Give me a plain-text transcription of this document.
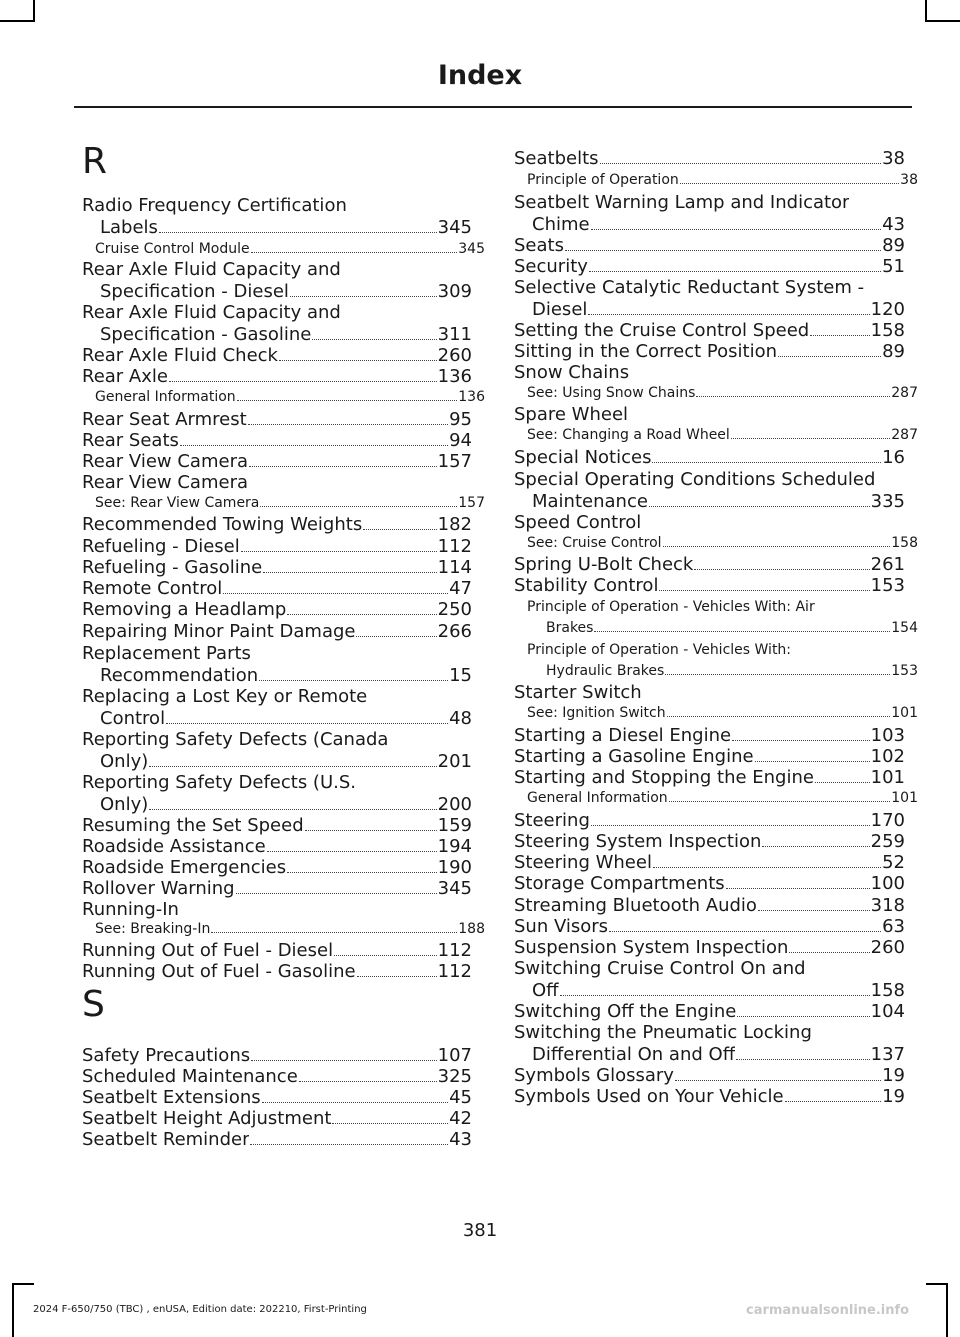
Index
R
Radio Frequency Certification
Labels	345
Cruise Control Module	345
Rear Axle Fluid Capacity and
Specification - Diesel	309
Rear Axle Fluid Capacity and
Specification - Gasoline	311
Rear Axle Fluid Check	260
Rear Axle	136
General Information	136
Rear Seat Armrest	95
Rear Seats	94
Rear View Camera	157
Rear View Camera
See: Rear View Camera	157
Recommended Towing Weights	182
Refueling - Diesel	112
Refueling - Gasoline	114
Remote Control	47
Removing a Headlamp	250
Repairing Minor Paint Damage	266
Replacement Parts
Recommendation	15
Replacing a Lost Key or Remote
Control	48
Reporting Safety Defects (Canada
Only)	201
Reporting Safety Defects (U.S.
Only)	200
Resuming the Set Speed	159
Roadside Assistance	194
Roadside Emergencies	190
Rollover Warning	345
Running-In
See: Breaking-In	188
Running Out of Fuel - Diesel	112
Running Out of Fuel - Gasoline	112
S
Safety Precautions	107
Scheduled Maintenance	325
Seatbelt Extensions	45
Seatbelt Height Adjustment	42
Seatbelt Reminder	43
Seatbelts	38
Principle of Operation	38
Seatbelt Warning Lamp and Indicator
Chime	43
Seats	89
Security	51
Selective Catalytic Reductant System -
Diesel	120
Setting the Cruise Control Speed	158
Sitting in the Correct Position	89
Snow Chains
See: Using Snow Chains	287
Spare Wheel
See: Changing a Road Wheel	287
Special Notices	16
Special Operating Conditions Scheduled
Maintenance	335
Speed Control
See: Cruise Control	158
Spring U-Bolt Check	261
Stability Control	153
Principle of Operation - Vehicles With: Air
Brakes	154
Principle of Operation - Vehicles With:
Hydraulic Brakes	153
Starter Switch
See: Ignition Switch	101
Starting a Diesel Engine	103
Starting a Gasoline Engine	102
Starting and Stopping the Engine	101
General Information	101
Steering	170
Steering System Inspection	259
Steering Wheel	52
Storage Compartments	100
Streaming Bluetooth Audio	318
Sun Visors	63
Suspension System Inspection	260
Switching Cruise Control On and
Off	158
Switching Off the Engine	104
Switching the Pneumatic Locking
Differential On and Off	137
Symbols Glossary	19
Symbols Used on Your Vehicle	19
381
2024 F-650/750 (TBC) , enUSA, Edition date: 202210, First-Printing	carmanualsonline.info
